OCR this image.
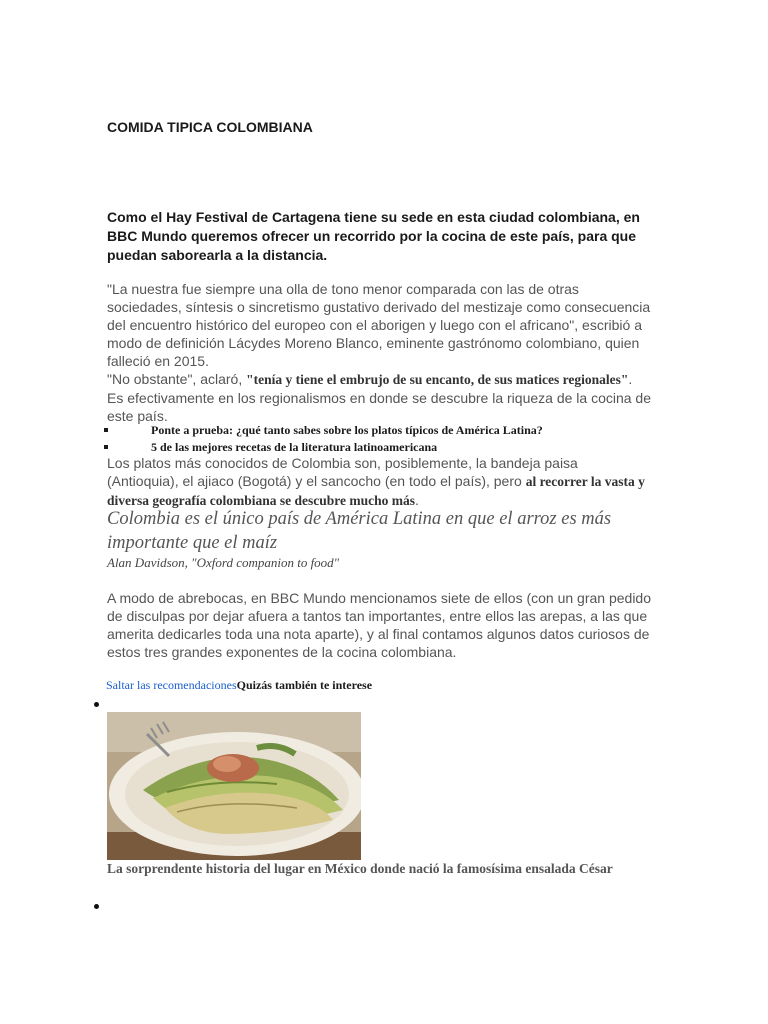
COMIDA TIPICA COLOMBIANA
Como el Hay Festival de Cartagena tiene su sede en esta ciudad colombiana, en BBC Mundo queremos ofrecer un recorrido por la cocina de este país, para que puedan saborearla a la distancia.
"La nuestra fue siempre una olla de tono menor comparada con las de otras sociedades, síntesis o sincretismo gustativo derivado del mestizaje como consecuencia del encuentro histórico del europeo con el aborigen y luego con el africano", escribió a modo de definición Lácydes Moreno Blanco, eminente gastrónomo colombiano, quien falleció en 2015.
"No obstante", aclaró, "tenía y tiene el embrujo de su encanto, de sus matices regionales". Es efectivamente en los regionalismos en donde se descubre la riqueza de la cocina de este país.
Ponte a prueba: ¿qué tanto sabes sobre los platos típicos de América Latina?
5 de las mejores recetas de la literatura latinoamericana
Los platos más conocidos de Colombia son, posiblemente, la bandeja paisa (Antioquia), el ajiaco (Bogotá) y el sancocho (en todo el país), pero al recorrer la vasta y diversa geografía colombiana se descubre mucho más.
Colombia es el único país de América Latina en que el arroz es más importante que el maíz
Alan Davidson, "Oxford companion to food"
A modo de abrebocas, en BBC Mundo mencionamos siete de ellos (con un gran pedido de disculpas por dejar afuera a tantos tan importantes, entre ellos las arepas, a las que amerita dedicarles toda una nota aparte), y al final contamos algunos datos curiosos de estos tres grandes exponentes de la cocina colombiana.
Saltar las recomendacionesQuizás también te interese
La sorprendente historia del lugar en México donde nació la famosísima ensalada César
